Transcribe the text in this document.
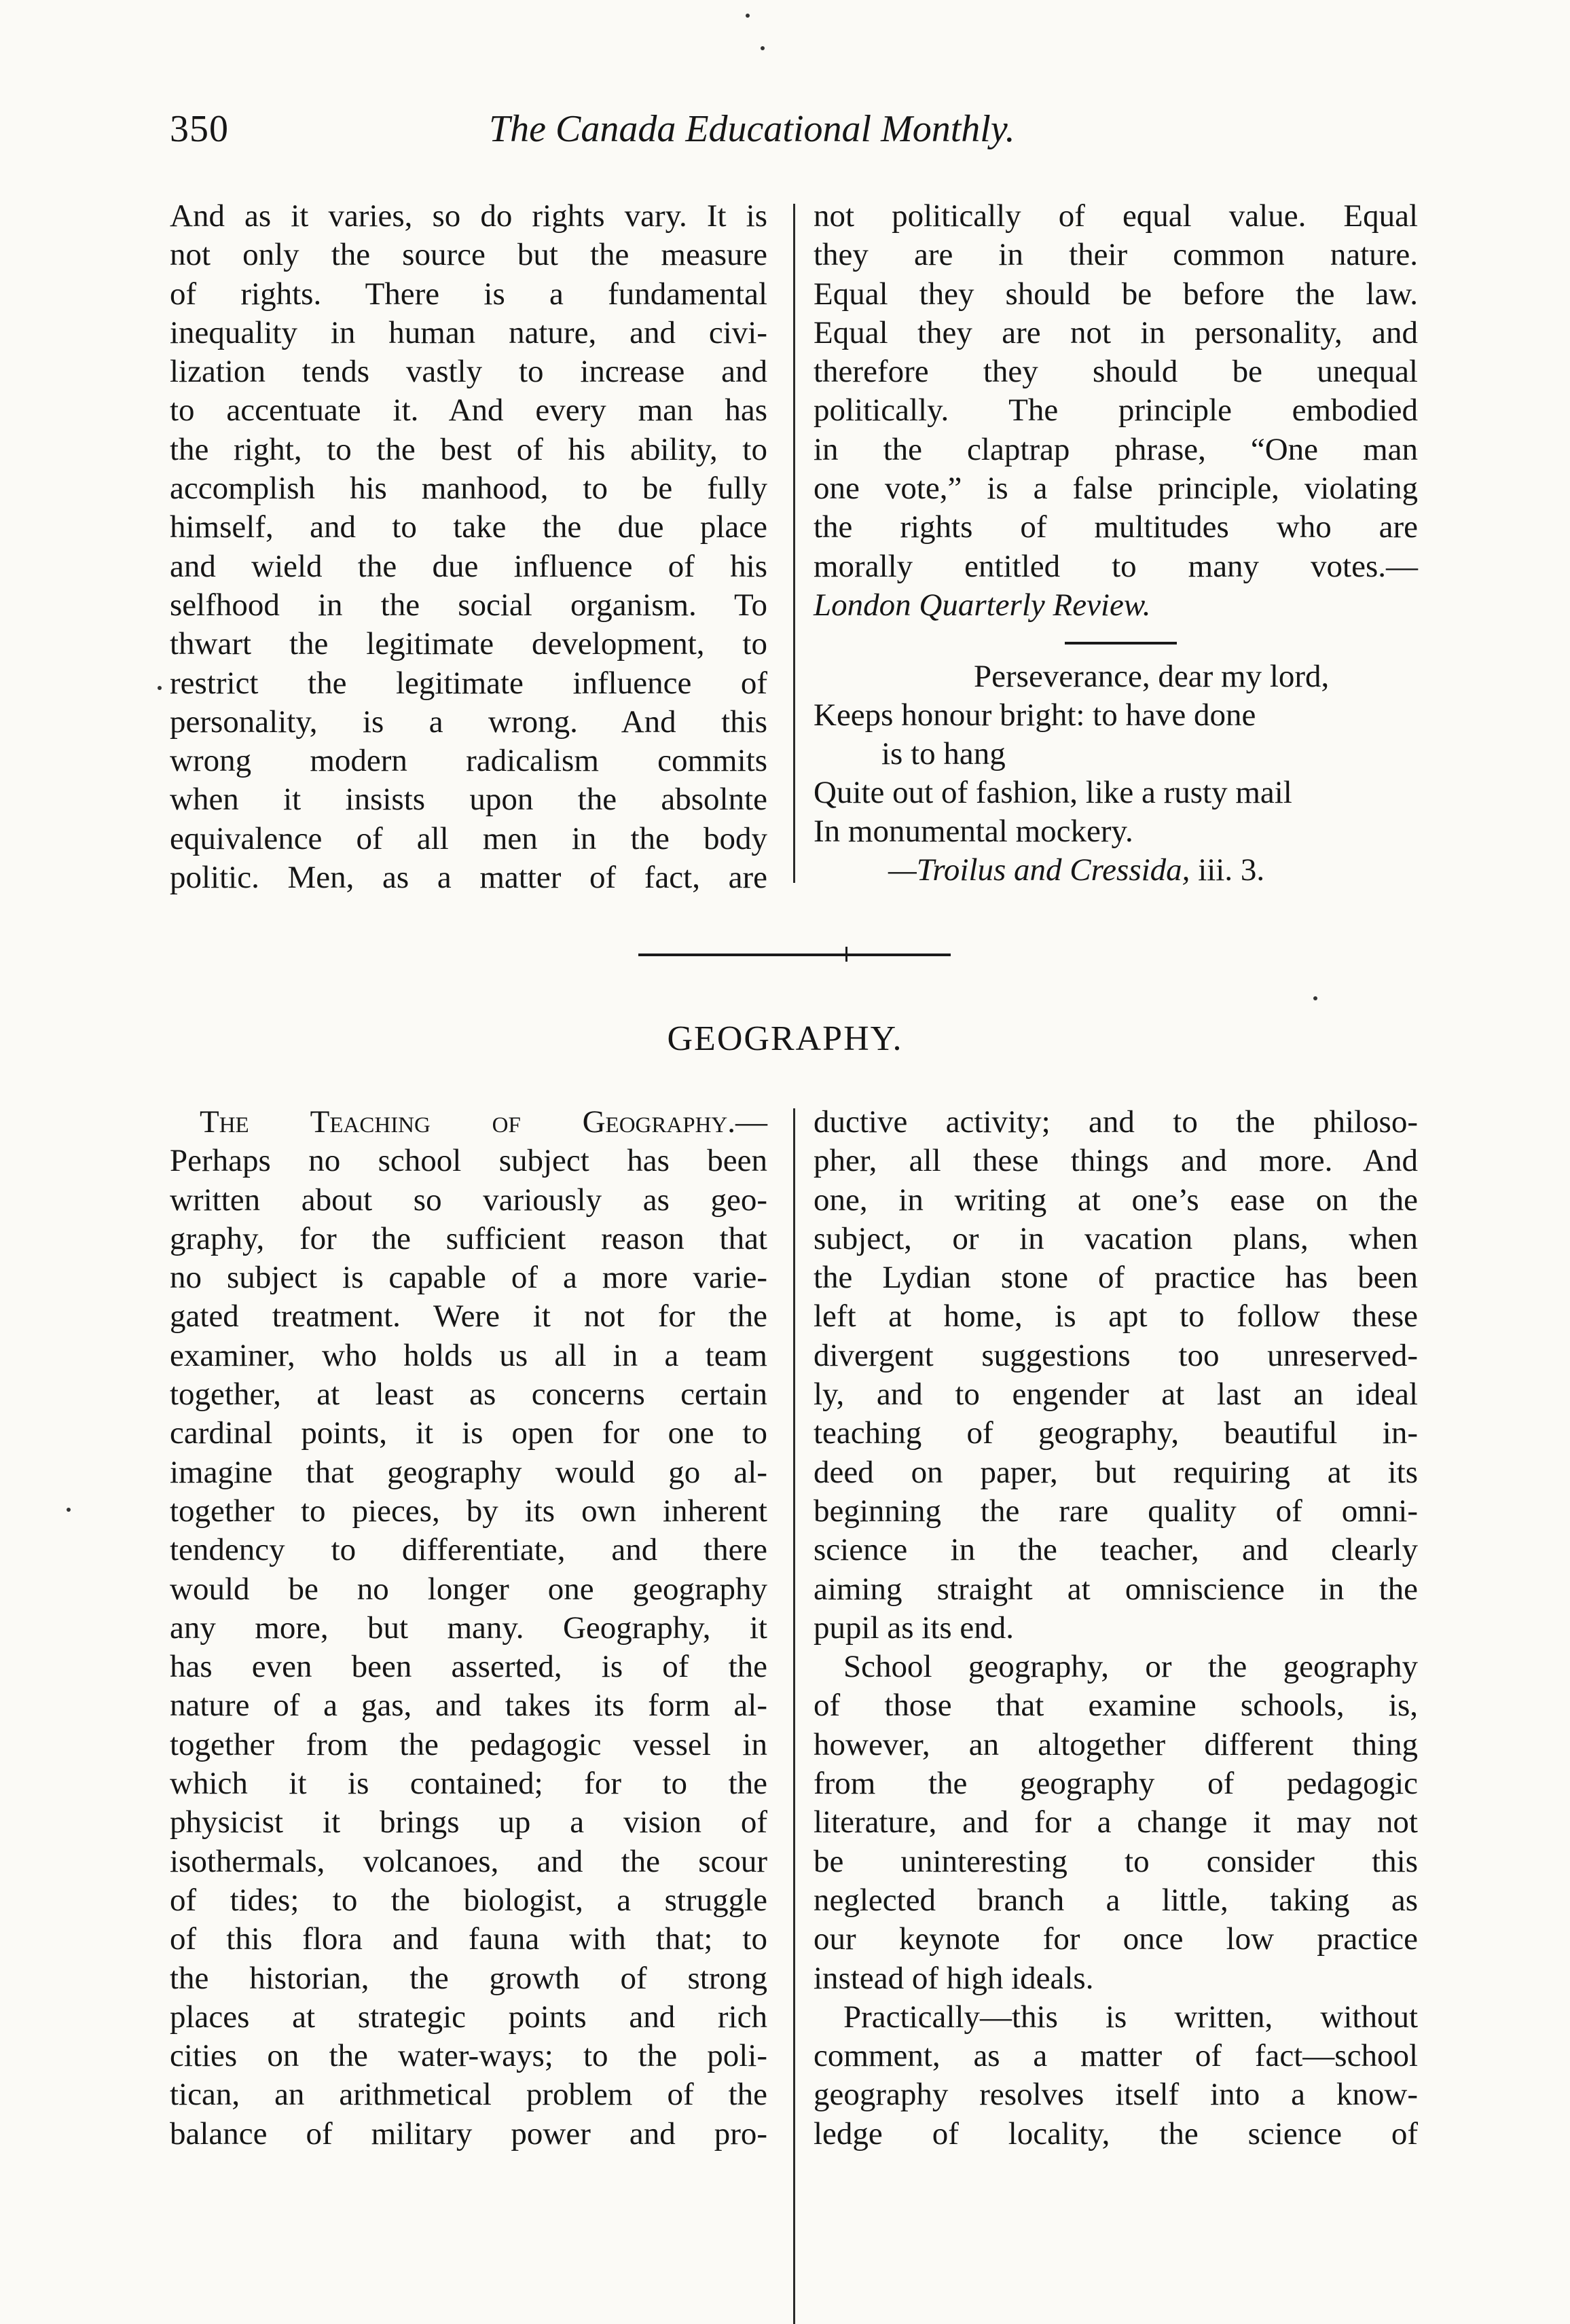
350	The Canada Educational Monthly.
And as it varies, so do rights vary. It is
not only the source but the measure
of rights. There is a fundamental
inequality in human nature, and civi-
lization tends vastly to increase and
to accentuate it. And every man has
the right, to the best of his ability, to
accomplish his manhood, to be fully
himself, and to take the due place
and wield the due influence of his
selfhood in the social organism. To
thwart the legitimate development, to
restrict the legitimate influence of
personality, is a wrong. And this
wrong modern radicalism commits
when it insists upon the absolnte
equivalence of all men in the body
politic. Men, as a matter of fact, are
not politically of equal value. Equal
they are in their common nature.
Equal they should be before the law.
Equal they are not in personality, and
therefore they should be unequal
politically. The principle embodied
in the claptrap phrase, “One man
one vote,” is a false principle, violating
the rights of multitudes who are
morally entitled to many votes.—
London Quarterly Review.
Perseverance, dear my lord,
Keeps honour bright: to have done
is to hang
Quite out of fashion, like a rusty mail
In monumental mockery.
—Troilus and Cressida, iii. 3.
GEOGRAPHY.
The Teaching of Geography.—
Perhaps no school subject has been
written about so variously as geo-
graphy, for the sufficient reason that
no subject is capable of a more varie-
gated treatment. Were it not for the
examiner, who holds us all in a team
together, at least as concerns certain
cardinal points, it is open for one to
imagine that geography would go al-
together to pieces, by its own inherent
tendency to differentiate, and there
would be no longer one geography
any more, but many. Geography, it
has even been asserted, is of the
nature of a gas, and takes its form al-
together from the pedagogic vessel in
which it is contained; for to the
physicist it brings up a vision of
isothermals, volcanoes, and the scour
of tides; to the biologist, a struggle
of this flora and fauna with that; to
the historian, the growth of strong
places at strategic points and rich
cities on the water-ways; to the poli-
tican, an arithmetical problem of the
balance of military power and pro-
ductive activity; and to the philoso-
pher, all these things and more. And
one, in writing at one’s ease on the
subject, or in vacation plans, when
the Lydian stone of practice has been
left at home, is apt to follow these
divergent suggestions too unreserved-
ly, and to engender at last an ideal
teaching of geography, beautiful in-
deed on paper, but requiring at its
beginning the rare quality of omni-
science in the teacher, and clearly
aiming straight at omniscience in the
pupil as its end.
School geography, or the geography
of those that examine schools, is,
however, an altogether different thing
from the geography of pedagogic
literature, and for a change it may not
be uninteresting to consider this
neglected branch a little, taking as
our keynote for once low practice
instead of high ideals.
Practically—this is written, without
comment, as a matter of fact—school
geography resolves itself into a know-
ledge of locality, the science of
